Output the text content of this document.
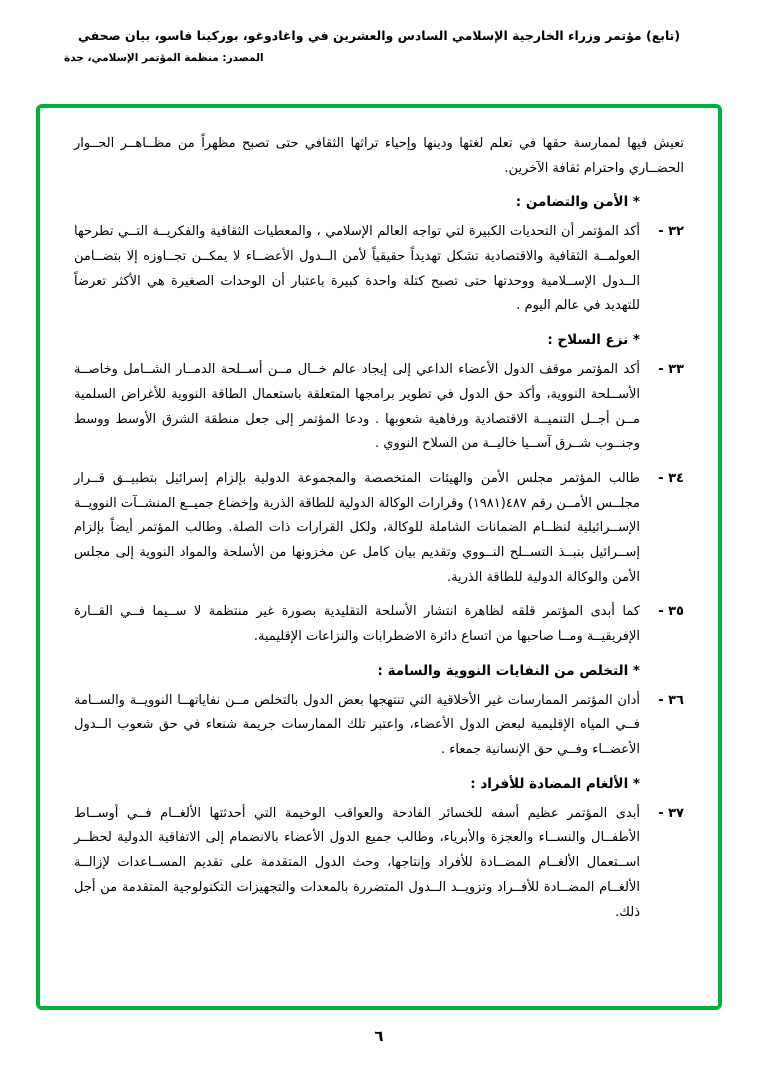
(تابع) مؤتمر وزراء الخارجية الإسلامي السادس والعشرين في واغادوغو، بوركينا فاسو، بيان صحفي
المصدر: منظمة المؤتمر الإسلامي، جدة

تعيش فيها لممارسة حقها في تعلم لغتها ودينها وإحياء تراثها الثقافي حتى تصبح مظهراً من مظــاهــر الحــوار الحضــاري واحترام ثقافة الآخرين.

* الأمن والتضامن :
٣٢ -

أكد المؤتمر أن التحديات الكبيرة لتي تواجه العالم الإسلامي ، والمعطيات الثقافية والفكريــة التــي تطرحها العولمــة الثقافية والاقتصادية تشكل تهديداً حقيقياً لأمن الــدول الأعضــاء لا يمكــن تجــاوزه إلا بتضــامن الــدول الإســلامية ووحدتها حتى تصبح كتلة واحدة كبيرة باعتبار أن الوحدات الصغيرة هي الأكثر تعرضاً للتهديد في عالم اليوم .

* نزع السلاح :
٣٣ -

أكد المؤتمر موقف الدول الأعضاء الداعي إلى إيجاد عالم خــال مــن أســلحة الدمــار الشــامل وخاصــة الأســلحة النووية، وأكد حق الدول في تطوير برامجها المتعلقة باستعمال الطاقة النووية للأغراض السلمية مــن أجــل التنميــة الاقتصادية ورفاهية شعوبها . ودعا المؤتمر إلى جعل منطقة الشرق الأوسط ووسط وجنــوب شــرق آســيا خاليــة من السلاح النووي .

٣٤ -

طالب المؤتمر مجلس الأمن والهيئات المتخصصة والمجموعة الدولية بإلزام إسرائيل بتطبيــق قــرار مجلــس الأمــن رقم ٤٨٧(١٩٨١) وقرارات الوكالة الدولية للطاقة الذرية وإخضاع جميــع المنشــآت النوويــة الإســرائيلية لنظــام الضمانات الشاملة للوكالة، ولكل القرارات ذات الصلة. وطالب المؤتمر أيضاً بإلزام إســرائيل بنبــذ التســلح النــووي وتقديم بيان كامل عن مخزونها من الأسلحة والمواد النووية إلى مجلس الأمن والوكالة الدولية للطاقة الذرية.

٣٥ -

كما أبدى المؤتمر قلقه لظاهرة انتشار الأسلحة التقليدية بصورة غير منتظمة لا ســيما فــي القــارة الإفريقيــة ومــا صاحبها من اتساع دائرة الاضطرابات والنزاعات الإقليمية.

* التخلص من النفايات النووية والسامة :
٣٦ -

أدان المؤتمر الممارسات غير الأخلاقية التي تنتهجها بعض الدول بالتخلص مــن نفاياتهــا النوويــة والســامة فــي المياه الإقليمية لبعض الدول الأعضاء، واعتبر تلك الممارسات جريمة شنعاء في حق شعوب الــدول الأعضــاء وفــي حق الإنسانية جمعاء .

* الألغام المضادة للأفراد :
٣٧ -

أبدى المؤتمر عظيم أسفه للخسائر الفادحة والعواقب الوخيمة التي أحدثتها الألغــام فــي أوســاط الأطفــال والنســاء والعجزة والأبرياء، وطالب جميع الدول الأعضاء بالانضمام إلى الاتفاقية الدولية لحظــر اســتعمال الألغــام المضــادة للأفراد وإنتاجها، وحث الدول المتقدمة على تقديم المســاعدات لإزالــة الألغــام المضــادة للأفــراد وتزويــد الــدول المتضررة بالمعدات والتجهيزات التكنولوجية المتقدمة من أجل ذلك.

٦
